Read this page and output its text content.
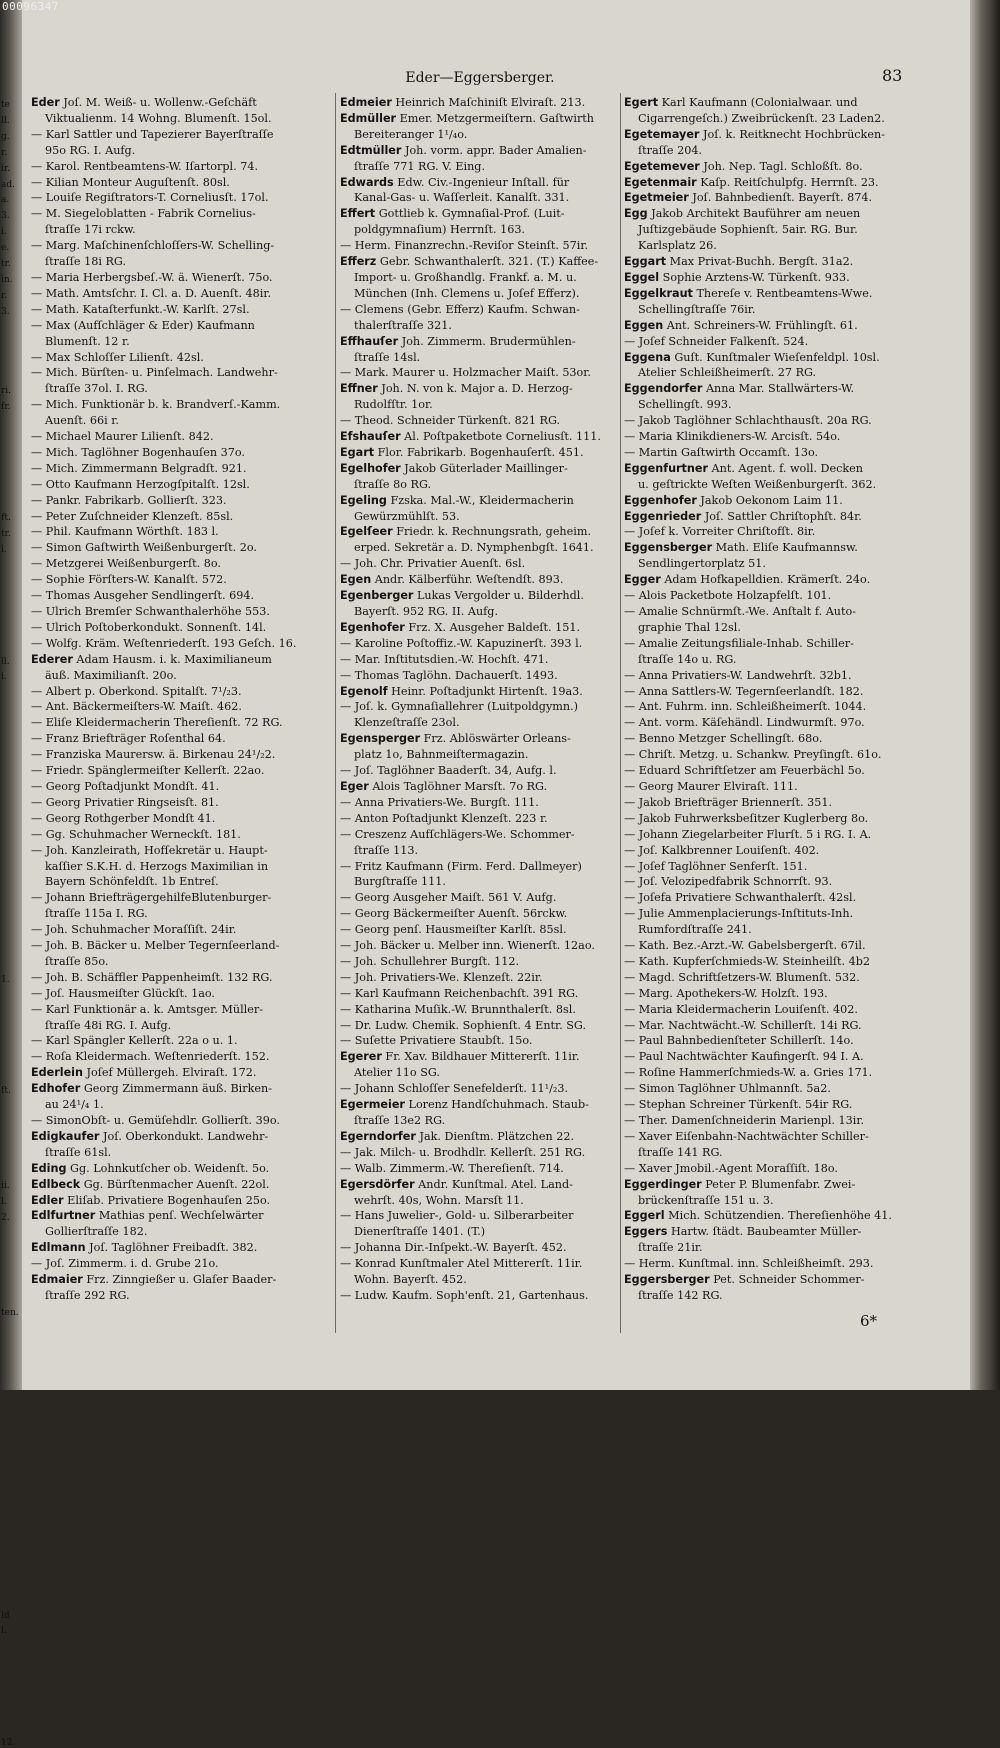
00096347
Eder—Eggersberger.	83
Eder Joſ. M. Weiß- u. Wollenw.-Geſchäft
Viktualienm. 14 Wohng. Blumenſt. 15ol.
— Karl Sattler und Tapezierer Bayerſtraſſe
95o RG. I. Aufg.
— Karol. Rentbeamtens-W. Iſartorpl. 74.
— Kilian Monteur Auguſtenſt. 80sl.
— Louiſe Regiſtrators-T. Corneliusſt. 17ol.
— M. Siegeloblatten - Fabrik Cornelius-
ſtraſſe 17i rckw.
— Marg. Maſchinenſchloſſers-W. Schelling-
ſtraſſe 18i RG.
— Maria Herbergsbeſ.-W. ä. Wienerſt. 75o.
— Math. Amtsſchr. I. Cl. a. D. Auenſt. 48ir.
— Math. Kataſterfunkt.-W. Karlſt. 27sl.
— Max (Aufſchläger & Eder) Kaufmann
Blumenſt. 12 r.
— Max Schloſſer Lilienſt. 42sl.
— Mich. Bürſten- u. Pinſelmach. Landwehr-
ſtraſſe 37ol. I. RG.
— Mich. Funktionär b. k. Brandverſ.-Kamm.
Auenſt. 66i r.
— Michael Maurer Lilienſt. 842.
— Mich. Taglöhner Bogenhauſen 37o.
— Mich. Zimmermann Belgradſt. 921.
— Otto Kaufmann Herzogſpitalſt. 12sl.
— Pankr. Fabrikarb. Gollierſt. 323.
— Peter Zuſchneider Klenzeſt. 85sl.
— Phil. Kaufmann Wörthſt. 183 l.
— Simon Gaſtwirth Weißenburgerſt. 2o.
— Metzgerei Weißenburgerſt. 8o.
— Sophie Förſters-W. Kanalſt. 572.
— Thomas Ausgeher Sendlingerſt. 694.
— Ulrich Bremſer Schwanthalerhöhe 553.
— Ulrich Poſtoberkondukt. Sonnenſt. 14l.
— Wolfg. Kräm. Weſtenriederſt. 193 Geſch. 16.
Ederer Adam Hausm. i. k. Maximilianeum
äuß. Maximilianſt. 20o.
— Albert p. Oberkond. Spitalſt. 7¹/₂3.
— Ant. Bäckermeiſters-W. Maiſt. 462.
— Eliſe Kleidermacherin Thereſienſt. 72 RG.
— Franz Briefträger Roſenthal 64.
— Franziska Maurersw. ä. Birkenau 24¹/₂2.
— Friedr. Spänglermeiſter Kellerſt. 22ao.
— Georg Poſtadjunkt Mondſt. 41.
— Georg Privatier Ringseisſt. 81.
— Georg Rothgerber Mondſt 41.
— Gg. Schuhmacher Werneckſt. 181.
— Joh. Kanzleirath, Hofſekretär u. Haupt-
kaſſier S.K.H. d. Herzogs Maximilian in
Bayern Schönfeldſt. 1b Entreſ.
— Johann BriefträgergehilfeBlutenburger-
ſtraſſe 115a I. RG.
— Joh. Schuhmacher Moraſſiſt. 24ir.
— Joh. B. Bäcker u. Melber Tegernſeerland-
ſtraſſe 85o.
— Joh. B. Schäffler Pappenheimſt. 132 RG.
— Joſ. Hausmeiſter Glückſt. 1ao.
— Karl Funktionär a. k. Amtsger. Müller-
ſtraſſe 48i RG. I. Aufg.
— Karl Spängler Kellerſt. 22a o u. 1.
— Roſa Kleidermach. Weſtenriederſt. 152.
Ederlein Joſef Müllergeh. Elviraſt. 172.
Edhofer Georg Zimmermann äuß. Birken-
au 24¹/₄ 1.
— SimonObſt- u. Gemüſehdlr. Gollierſt. 39o.
Edigkaufer Joſ. Oberkondukt. Landwehr-
ſtraſſe 61sl.
Eding Gg. Lohnkutſcher ob. Weidenſt. 5o.
Edlbeck Gg. Bürſtenmacher Auenſt. 22ol.
Edler Eliſab. Privatiere Bogenhauſen 25o.
Edlfurtner Mathias penſ. Wechſelwärter
Gollierſtraſſe 182.
Edlmann Joſ. Taglöhner Freibadſt. 382.
— Joſ. Zimmerm. i. d. Grube 21o.
Edmaier Frz. Zinngießer u. Glaſer Baader-
ſtraſſe 292 RG.
Edmeier Heinrich Maſchiniſt Elviraſt. 213.
Edmüller Emer. Metzgermeiſtern. Gaſtwirth
Bereiteranger 1¹/₄o.
Edtmüller Joh. vorm. appr. Bader Amalien-
ſtraſſe 771 RG. V. Eing.
Edwards Edw. Civ.-Ingenieur Inſtall. für
Kanal-Gas- u. Waſſerleit. Kanalſt. 331.
Effert Gottlieb k. Gymnaſial-Prof. (Luit-
poldgymnaſium) Herrnſt. 163.
— Herm. Finanzrechn.-Reviſor Steinſt. 57ir.
Efferz Gebr. Schwanthalerſt. 321. (T.) Kaffee-
Import- u. Großhandlg. Frankf. a. M. u.
München (Inh. Clemens u. Joſef Efferz).
— Clemens (Gebr. Efferz) Kaufm. Schwan-
thalerſtraſſe 321.
Effhauſer Joh. Zimmerm. Brudermühlen-
ſtraſſe 14sl.
— Mark. Maurer u. Holzmacher Maiſt. 53or.
Effner Joh. N. von k. Major a. D. Herzog-
Rudolfſtr. 1or.
— Theod. Schneider Türkenſt. 821 RG.
Efshauſer Al. Poſtpaketbote Corneliusſt. 111.
Egart Flor. Fabrikarb. Bogenhauſerſt. 451.
Egelhofer Jakob Güterlader Maillinger-
ſtraſſe 8o RG.
Egeling Fzska. Mal.-W., Kleidermacherin
Gewürzmühlſt. 53.
Egelſeer Friedr. k. Rechnungsrath, geheim.
erped. Sekretär a. D. Nymphenbgſt. 1641.
— Joh. Chr. Privatier Auenſt. 6sl.
Egen Andr. Kälberführ. Weſtendſt. 893.
Egenberger Lukas Vergolder u. Bilderhdl.
Bayerſt. 952 RG. II. Aufg.
Egenhofer Frz. X. Ausgeher Baldeſt. 151.
— Karoline Poſtoffiz.-W. Kapuzinerſt. 393 l.
— Mar. Inſtitutsdien.-W. Hochſt. 471.
— Thomas Taglöhn. Dachauerſt. 1493.
Egenolf Heinr. Poſtadjunkt Hirtenſt. 19a3.
— Joſ. k. Gymnaſiallehrer (Luitpoldgymn.)
Klenzeſtraſſe 23ol.
Egensperger Frz. Ablöswärter Orleans-
platz 1o, Bahnmeiſtermagazin.
— Joſ. Taglöhner Baaderſt. 34, Aufg. l.
Eger Alois Taglöhner Marsſt. 7o RG.
— Anna Privatiers-We. Burgſt. 111.
— Anton Poſtadjunkt Klenzeſt. 223 r.
— Creszenz Aufſchlägers-We. Schommer-
ſtraſſe 113.
— Fritz Kaufmann (Firm. Ferd. Dallmeyer)
Burgſtraſſe 111.
— Georg Ausgeher Maiſt. 561 V. Aufg.
— Georg Bäckermeiſter Auenſt. 56rckw.
— Georg penſ. Hausmeiſter Karlſt. 85sl.
— Joh. Bäcker u. Melber inn. Wienerſt. 12ao.
— Joh. Schullehrer Burgſt. 112.
— Joh. Privatiers-We. Klenzeſt. 22ir.
— Karl Kaufmann Reichenbachſt. 391 RG.
— Katharina Muſik.-W. Brunnthalerſt. 8sl.
— Dr. Ludw. Chemik. Sophienſt. 4 Entr. SG.
— Suſette Privatiere Staubſt. 15o.
Egerer Fr. Xav. Bildhauer Mittererſt. 11ir.
Atelier 11o SG.
— Johann Schloſſer Senefelderſt. 11¹/₂3.
Egermeier Lorenz Handſchuhmach. Staub-
ſtraſſe 13e2 RG.
Egerndorfer Jak. Dienſtm. Plätzchen 22.
— Jak. Milch- u. Brodhdlr. Kellerſt. 251 RG.
— Walb. Zimmerm.-W. Thereſienſt. 714.
Egersdörfer Andr. Kunſtmal. Atel. Land-
wehrſt. 40s, Wohn. Marsſt 11.
— Hans Juwelier-, Gold- u. Silberarbeiter
Dienerſtraſſe 1401. (T.)
— Johanna Dir.-Inſpekt.-W. Bayerſt. 452.
— Konrad Kunſtmaler Atel Mittererſt. 11ir.
Wohn. Bayerſt. 452.
— Ludw. Kaufm. Soph'enſt. 21, Gartenhaus.
Egert Karl Kaufmann (Colonialwaar. und
Cigarrengeſch.) Zweibrückenſt. 23 Laden2.
Egetemayer Joſ. k. Reitknecht Hochbrücken-
ſtraſſe 204.
Egetemever Joh. Nep. Tagl. Schloßſt. 8o.
Egetenmair Kaſp. Reitſchulpfg. Herrnſt. 23.
Egetmeier Joſ. Bahnbedienſt. Bayerſt. 874.
Egg Jakob Architekt Bauführer am neuen
Juſtizgebäude Sophienſt. 5air. RG. Bur.
Karlsplatz 26.
Eggart Max Privat-Buchh. Bergſt. 31a2.
Eggel Sophie Arztens-W. Türkenſt. 933.
Eggelkraut Thereſe v. Rentbeamtens-Wwe.
Schellingſtraſſe 76ir.
Eggen Ant. Schreiners-W. Frühlingſt. 61.
— Joſef Schneider Falkenſt. 524.
Eggena Guſt. Kunſtmaler Wieſenfeldpl. 10sl.
Atelier Schleißheimerſt. 27 RG.
Eggendorfer Anna Mar. Stallwärters-W.
Schellingſt. 993.
— Jakob Taglöhner Schlachthausſt. 20a RG.
— Maria Klinikdieners-W. Arcisſt. 54o.
— Martin Gaſtwirth Occamſt. 13o.
Eggenfurtner Ant. Agent. f. woll. Decken
u. geſtrickte Weſten Weißenburgerſt. 362.
Eggenhofer Jakob Oekonom Laim 11.
Eggenrieder Joſ. Sattler Chriſtophſt. 84r.
— Joſef k. Vorreiter Chriſtofſt. 8ir.
Eggensberger Math. Eliſe Kaufmannsw.
Sendlingertorplatz 51.
Egger Adam Hofkapelldien. Krämerſt. 24o.
— Alois Packetbote Holzapfelſt. 101.
— Amalie Schnürmſt.-We. Anſtalt f. Auto-
graphie Thal 12sl.
— Amalie Zeitungsfiliale-Inhab. Schiller-
ſtraſſe 14o u. RG.
— Anna Privatiers-W. Landwehrſt. 32b1.
— Anna Sattlers-W. Tegernſeerlandſt. 182.
— Ant. Fuhrm. inn. Schleißheimerſt. 1044.
— Ant. vorm. Käſehändl. Lindwurmſt. 97o.
— Benno Metzger Schellingſt. 68o.
— Chriſt. Metzg. u. Schankw. Preyſingſt. 61o.
— Eduard Schriftſetzer am Feuerbächl 5o.
— Georg Maurer Elviraſt. 111.
— Jakob Briefträger Briennerſt. 351.
— Jakob Fuhrwerksbeſitzer Kuglerberg 8o.
— Johann Ziegelarbeiter Flurſt. 5 i RG. I. A.
— Joſ. Kalkbrenner Louiſenſt. 402.
— Joſef Taglöhner Senferſt. 151.
— Joſ. Velozipedfabrik Schnorrſt. 93.
— Joſefa Privatiere Schwanthalerſt. 42sl.
— Julie Ammenplacierungs-Inſtituts-Inh.
Rumfordſtraſſe 241.
— Kath. Bez.-Arzt.-W. Gabelsbergerſt. 67il.
— Kath. Kupferſchmieds-W. Steinheilſt. 4b2
— Magd. Schriftſetzers-W. Blumenſt. 532.
— Marg. Apothekers-W. Holzſt. 193.
— Maria Kleidermacherin Louiſenſt. 402.
— Mar. Nachtwächt.-W. Schillerſt. 14i RG.
— Paul Bahnbedienſteter Schillerſt. 14o.
— Paul Nachtwächter Kaufingerſt. 94 I. A.
— Roſine Hammerſchmieds-W. a. Gries 171.
— Simon Taglöhner Uhlmannſt. 5a2.
— Stephan Schreiner Türkenſt. 54ir RG.
— Ther. Damenſchneiderin Marienpl. 13ir.
— Xaver Eiſenbahn-Nachtwächter Schiller-
ſtraſſe 141 RG.
— Xaver Jmobil.-Agent Moraſſiſt. 18o.
Eggerdinger Peter P. Blumenfabr. Zwei-
brückenſtraſſe 151 u. 3.
Eggerl Mich. Schützendien. Thereſienhöhe 41.
Eggers Hartw. ſtädt. Baubeamter Müller-
ſtraſſe 21ir.
— Herm. Kunſtmal. inn. Schleißheimſt. 293.
Eggersberger Pet. Schneider Schommer-
ſtraſſe 142 RG.
te
ll.
g.
r.
ir.
ad.
a.
3.
i.
e.
tr.
in.
r.
3.
ri.
fr.
ft.
tr.
i.
ll.
i.
1.
ft.
ii.
l.
2.
ten.
ld
l.
12.
6*
